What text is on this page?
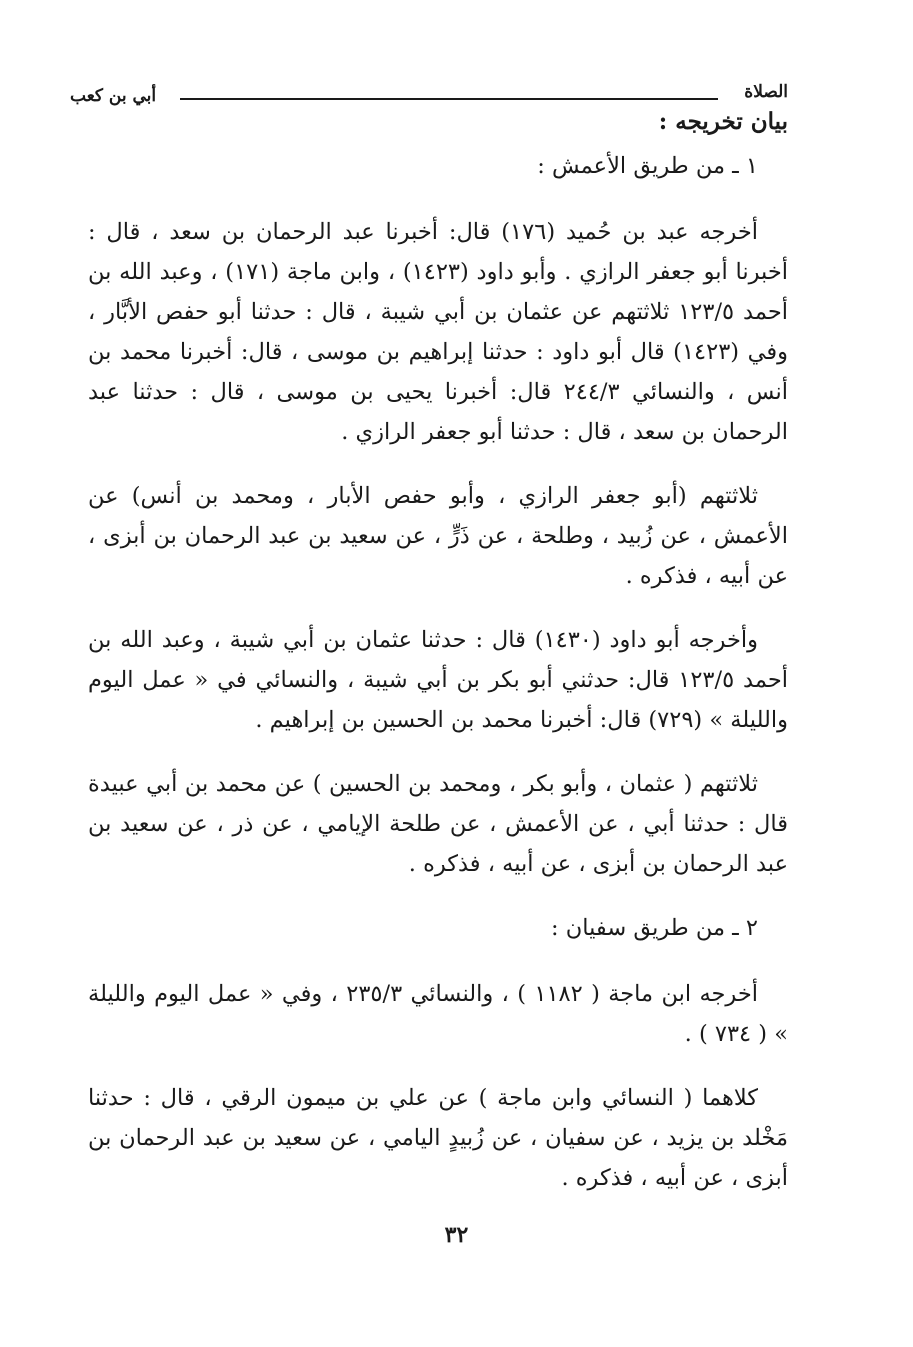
الصلاة
أبي بن كعب
بيان تخريجه :

١ ـ من طريق الأعمش :

أخرجه عبد بن حُميد (١٧٦) قال: أخبرنا عبد الرحمان بن سعد ، قال : أخبرنا أبو جعفر الرازي . وأبو داود (١٤٢٣) ، وابن ماجة (١٧١) ، وعبد الله بن أحمد ١٢٣/٥ ثلاثتهم عن عثمان بن أبي شيبة ، قال : حدثنا أبو حفص الأبَّار ، وفي (١٤٢٣) قال أبو داود : حدثنا إبراهيم بن موسى ، قال: أخبرنا محمد بن أنس ، والنسائي ٢٤٤/٣ قال: أخبرنا يحيى بن موسى ، قال : حدثنا عبد الرحمان بن سعد ، قال : حدثنا أبو جعفر الرازي .

ثلاثتهم (أبو جعفر الرازي ، وأبو حفص الأبار ، ومحمد بن أنس) عن الأعمش ، عن زُبيد ، وطلحة ، عن ذَرٍّ ، عن سعيد بن عبد الرحمان بن أبزى ، عن أبيه ، فذكره .

وأخرجه أبو داود (١٤٣٠) قال : حدثنا عثمان بن أبي شيبة ، وعبد الله بن أحمد ١٢٣/٥ قال: حدثني أبو بكر بن أبي شيبة ، والنسائي في « عمل اليوم والليلة » (٧٢٩) قال: أخبرنا محمد بن الحسين بن إبراهيم .

ثلاثتهم ( عثمان ، وأبو بكر ، ومحمد بن الحسين ) عن محمد بن أبي عبيدة قال : حدثنا أبي ، عن الأعمش ، عن طلحة الإيامي ، عن ذر ، عن سعيد بن عبد الرحمان بن أبزى ، عن أبيه ، فذكره .

٢ ـ من طريق سفيان :

أخرجه ابن ماجة ( ١١٨٢ ) ، والنسائي ٢٣٥/٣ ، وفي « عمل اليوم والليلة » ( ٧٣٤ ) .

كلاهما ( النسائي وابن ماجة ) عن علي بن ميمون الرقي ، قال : حدثنا مَخْلد بن يزيد ، عن سفيان ، عن زُبيدٍ اليامي ، عن سعيد بن عبد الرحمان بن أبزى ، عن أبيه ، فذكره .

٣٢
